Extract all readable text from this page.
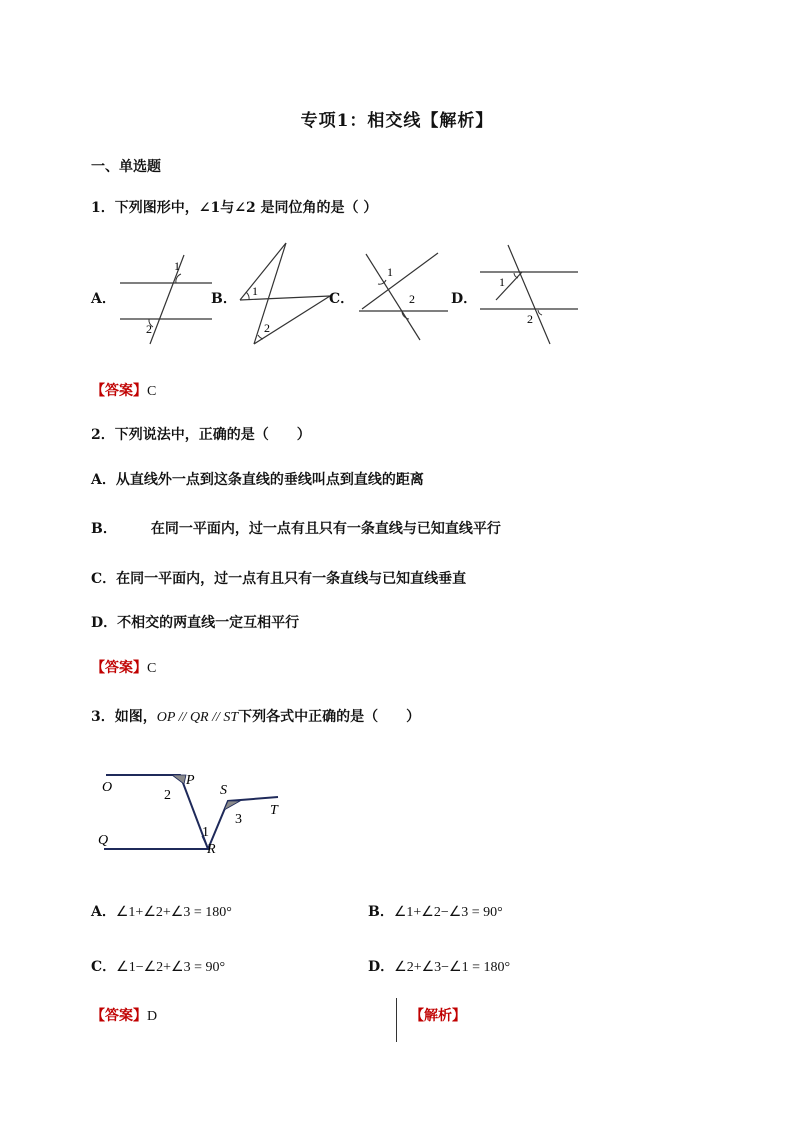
专项1：相交线【解析】
一、单选题
1．下列图形中，∠1与∠2 是同位角的是（ ）
A．
1
2
B． 1
2
C．
1
2	D．
1
2
【答案】C
2．下列说法中，正确的是（　　）
A．从直线外一点到这条直线的垂线叫点到直线的距离
B． 在同一平面内，过一点有且只有一条直线与已知直线平行
C．在同一平面内，过一点有且只有一条直线与已知直线垂直
D．不相交的两直线一定互相平行
【答案】C
3．如图，OP // QR // ST下列各式中正确的是（　　）
O	P
2	S
T
3
1
Q
R
A．∠1+∠2+∠3 = 180°	B．∠1+∠2−∠3 = 90°
C．∠1−∠2+∠3 = 90°	D．∠2+∠3−∠1 = 180°
【答案】D	【解析】
